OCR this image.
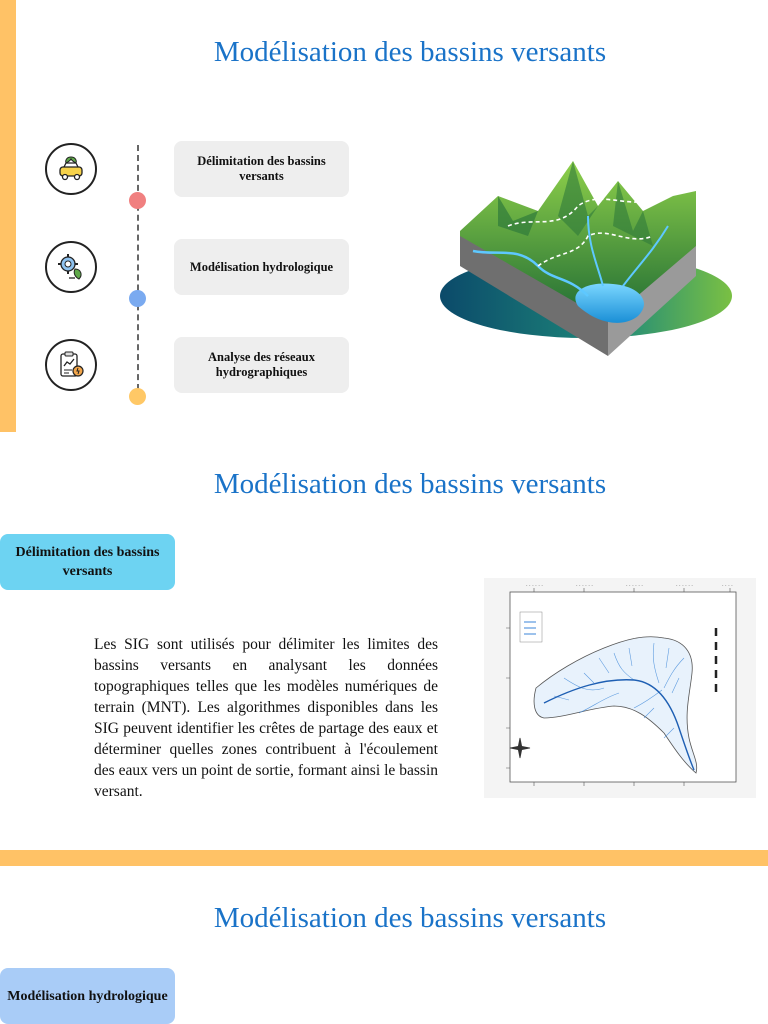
Modélisation des bassins versants
Délimitation des bassins versants
Modélisation hydrologique
Analyse des réseaux hydrographiques
Modélisation des bassins versants
Délimitation des bassins versants
· · · · · ·	· · · · · ·	· · · · · ·	· · · · · ·	· · · ·
Les SIG sont utilisés pour délimiter les limites des bassins versants en analysant les données topographiques telles que les modèles numériques de terrain (MNT). Les algorithmes disponibles dans les SIG peuvent identifier les crêtes de partage des eaux et déterminer quelles zones contribuent à l'écoulement des eaux vers un point de sortie, formant ainsi le bassin versant.
Modélisation des bassins versants
Modélisation hydrologique
